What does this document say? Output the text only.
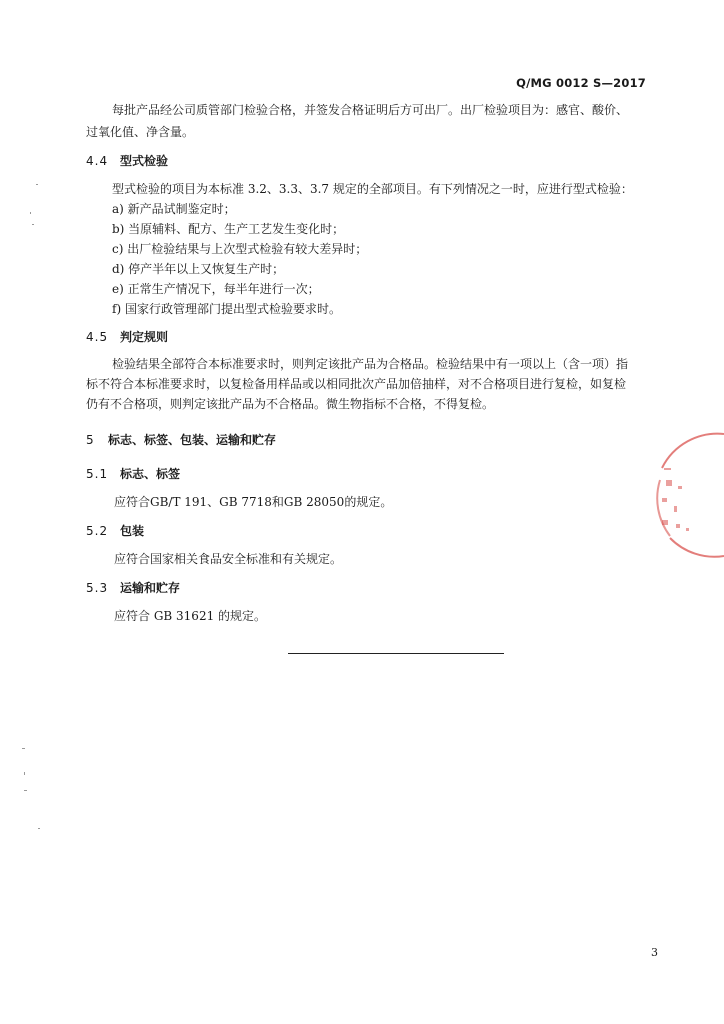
Q/MG 0012 S—2017
每批产品经公司质管部门检验合格，并签发合格证明后方可出厂。出厂检验项目为：感官、酸价、
过氧化值、净含量。
4.4 型式检验
型式检验的项目为本标准 3.2、3.3、3.7 规定的全部项目。有下列情况之一时，应进行型式检验：
a) 新产品试制鉴定时；
b) 当原辅料、配方、生产工艺发生变化时；
c) 出厂检验结果与上次型式检验有较大差异时；
d) 停产半年以上又恢复生产时；
e) 正常生产情况下，每半年进行一次；
f) 国家行政管理部门提出型式检验要求时。
4.5 判定规则
检验结果全部符合本标准要求时，则判定该批产品为合格品。检验结果中有一项以上（含一项）指
标不符合本标准要求时，以复检备用样品或以相同批次产品加倍抽样，对不合格项目进行复检，如复检
仍有不合格项，则判定该批产品为不合格品。微生物指标不合格，不得复检。
5 标志、标签、包装、运输和贮存
5.1 标志、标签
应符合GB/T 191、GB 7718和GB 28050的规定。
5.2 包装
应符合国家相关食品安全标准和有关规定。
5.3 运输和贮存
应符合 GB 31621 的规定。
3
